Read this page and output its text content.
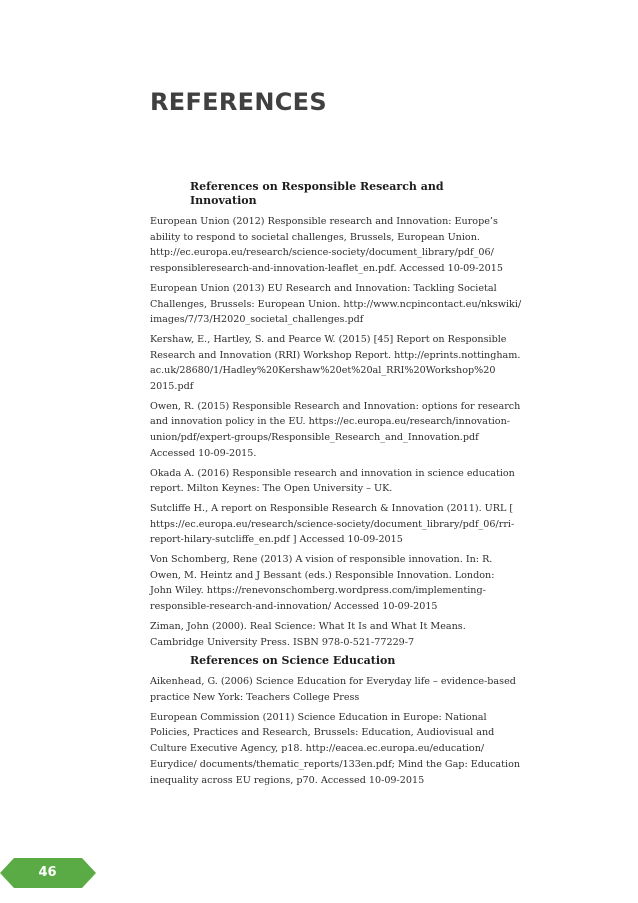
REFERENCES
References on Responsible Research and Innovation
European Union (2012) Responsible research and Innovation: Europe’s
ability to respond to societal challenges, Brussels, European Union.
http://ec.europa.eu/research/science-society/document_library/pdf_06/
responsibleresearch-and-innovation-leaflet_en.pdf. Accessed 10-09-2015
European Union (2013) EU Research and Innovation: Tackling Societal
Challenges, Brussels: European Union. http://www.ncpincontact.eu/nkswiki/
images/7/73/H2020_societal_challenges.pdf
Kershaw, E., Hartley, S. and Pearce W. (2015) [45] Report on Responsible
Research and Innovation (RRI) Workshop Report. http://eprints.nottingham.
ac.uk/28680/1/Hadley%20Kershaw%20et%20al_RRI%20Workshop%20
2015.pdf
Owen, R. (2015) Responsible Research and Innovation: options for research
and innovation policy in the EU. https://ec.europa.eu/research/innovation-
union/pdf/expert-groups/Responsible_Research_and_Innovation.pdf
Accessed 10-09-2015.
Okada A. (2016) Responsible research and innovation in science education
report. Milton Keynes: The Open University – UK.
Sutcliffe H., A report on Responsible Research & Innovation (2011). URL [
https://ec.europa.eu/research/science-society/document_library/pdf_06/rri-
report-hilary-sutcliffe_en.pdf ] Accessed 10-09-2015
Von Schomberg, Rene (2013) A vision of responsible innovation. In: R.
Owen, M. Heintz and J Bessant (eds.) Responsible Innovation. London:
John Wiley. https://renevonschomberg.wordpress.com/implementing-
responsible-research-and-innovation/ Accessed 10-09-2015
Ziman, John (2000). Real Science: What It Is and What It Means.
Cambridge University Press. ISBN 978-0-521-77229-7
References on Science Education
Aikenhead, G. (2006) Science Education for Everyday life – evidence-based
practice New York: Teachers College Press
European Commission (2011) Science Education in Europe: National
Policies, Practices and Research, Brussels: Education, Audiovisual and
Culture Executive Agency, p18. http://eacea.ec.europa.eu/education/
Eurydice/ documents/thematic_reports/133en.pdf; Mind the Gap: Education
inequality across EU regions, p70. Accessed 10-09-2015
46
